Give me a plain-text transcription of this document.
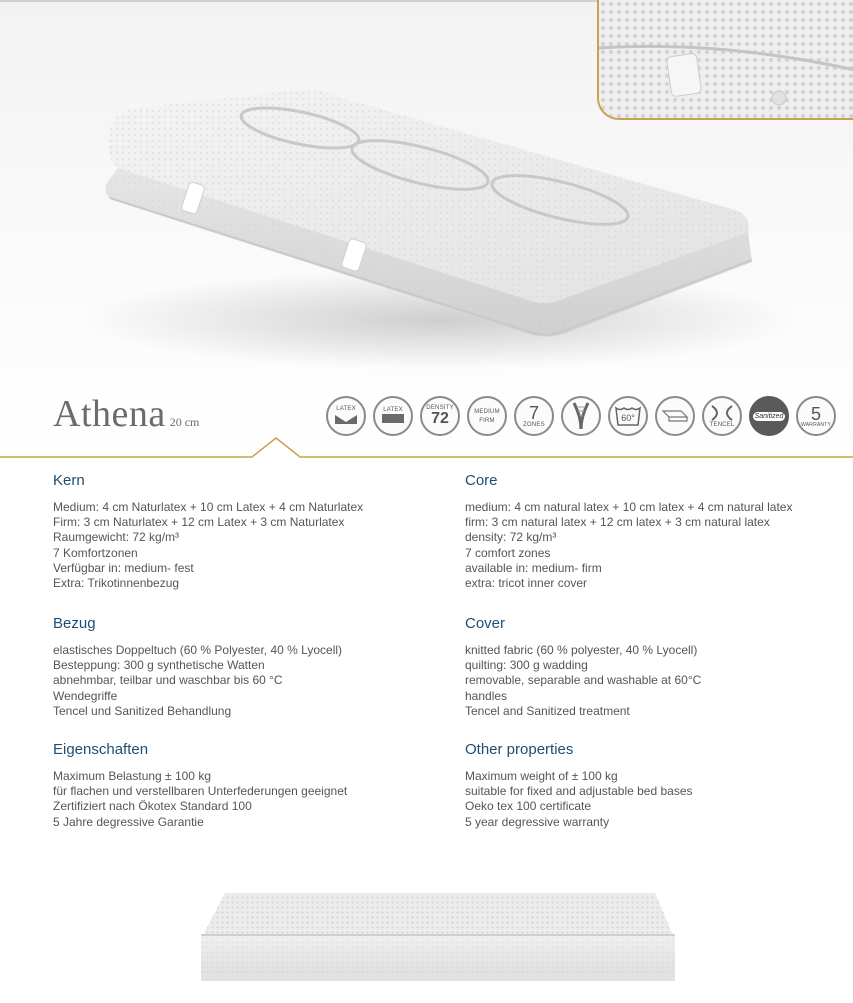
Athena 20 cm
LATEX	LATEX	DENSITY
72	MEDIUM
FIRM 7
ZONES
60°
TENCEL
Sanitized 5
WARRANTY
Kern
Medium: 4 cm Naturlatex + 10 cm Latex + 4 cm Naturlatex
Firm: 3 cm Naturlatex + 12 cm Latex + 3 cm Naturlatex
Raumgewicht: 72 kg/m³
7 Komfortzonen
Verfügbar in: medium- fest
Extra: Trikotinnenbezug
Bezug
elastisches Doppeltuch (60 % Polyester, 40 % Lyocell)
Besteppung: 300 g synthetische Watten
abnehmbar, teilbar und waschbar bis 60 °C
Wendegriffe
Tencel und Sanitized Behandlung
Eigenschaften
Maximum Belastung ± 100 kg
für flachen und verstellbaren Unterfederungen geeignet
Zertifiziert nach Ökotex Standard 100
5 Jahre degressive Garantie
Core
medium: 4 cm natural latex + 10 cm latex + 4 cm natural latex
firm: 3 cm natural latex + 12 cm latex + 3 cm natural latex
density: 72 kg/m³
7 comfort zones
available in: medium- firm
extra: tricot inner cover
Cover
knitted fabric (60 % polyester, 40 % Lyocell)
quilting: 300 g wadding
removable, separable and washable at 60°C
handles
Tencel and Sanitized treatment
Other properties
Maximum weight of ± 100 kg
suitable for fixed and adjustable bed bases
Oeko tex 100 certificate
5 year degressive warranty
